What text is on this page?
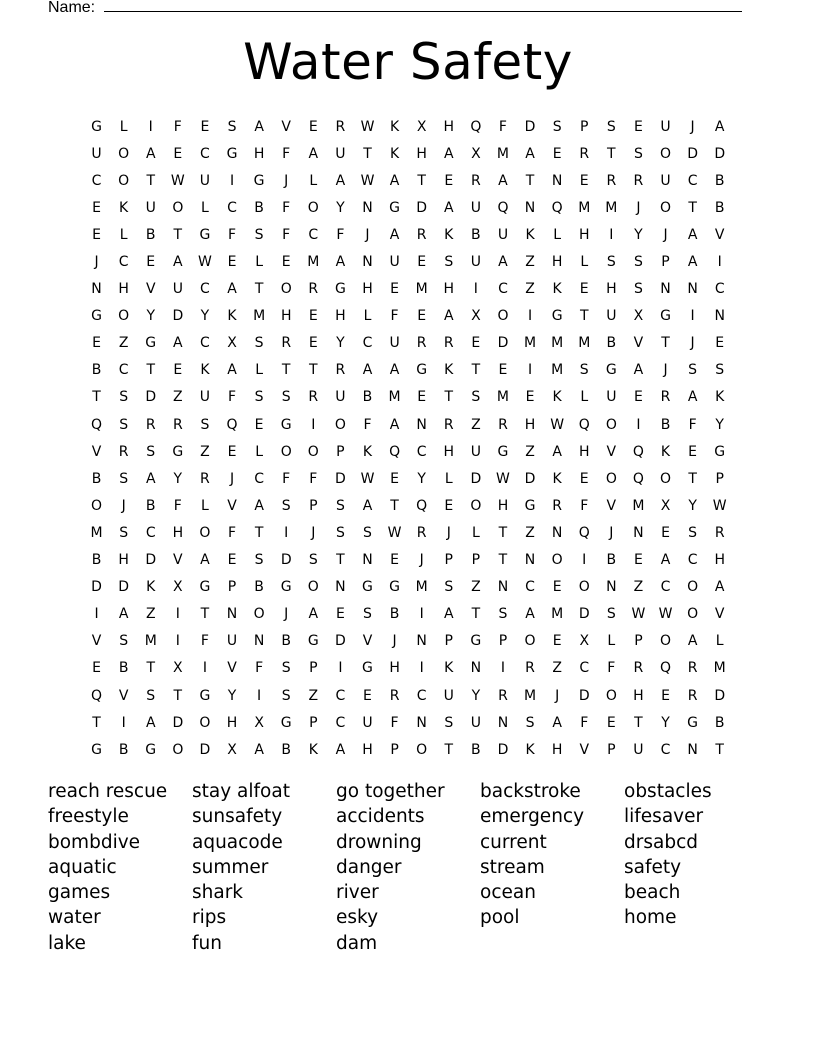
Name:
Water Safety
G	L	I	F	E	S	A	V	E	R	W	K	X	H	Q	F	D	S	P	S	E	U	J	A
U	O	A	E	C	G	H	F	A	U	T	K	H	A	X	M	A	E	R	T	S	O	D	D
C	O	T	W	U	I	G	J	L	A	W	A	T	E	R	A	T	N	E	R	R	U	C	B
E	K	U	O	L	C	B	F	O	Y	N	G	D	A	U	Q	N	Q	M	M	J	O	T	B
E	L	B	T	G	F	S	F	C	F	J	A	R	K	B	U	K	L	H	I	Y	J	A	V
J	C	E	A	W	E	L	E	M	A	N	U	E	S	U	A	Z	H	L	S	S	P	A	I
N	H	V	U	C	A	T	O	R	G	H	E	M	H	I	C	Z	K	E	H	S	N	N	C
G	O	Y	D	Y	K	M	H	E	H	L	F	E	A	X	O	I	G	T	U	X	G	I	N
E	Z	G	A	C	X	S	R	E	Y	C	U	R	R	E	D	M	M	M	B	V	T	J	E
B	C	T	E	K	A	L	T	T	R	A	A	G	K	T	E	I	M	S	G	A	J	S	S
T	S	D	Z	U	F	S	S	R	U	B	M	E	T	S	M	E	K	L	U	E	R	A	K
Q	S	R	R	S	Q	E	G	I	O	F	A	N	R	Z	R	H	W	Q	O	I	B	F	Y
V	R	S	G	Z	E	L	O	O	P	K	Q	C	H	U	G	Z	A	H	V	Q	K	E	G
B	S	A	Y	R	J	C	F	F	D	W	E	Y	L	D	W	D	K	E	O	Q	O	T	P
O	J	B	F	L	V	A	S	P	S	A	T	Q	E	O	H	G	R	F	V	M	X	Y	W
M	S	C	H	O	F	T	I	J	S	S	W	R	J	L	T	Z	N	Q	J	N	E	S	R
B	H	D	V	A	E	S	D	S	T	N	E	J	P	P	T	N	O	I	B	E	A	C	H
D	D	K	X	G	P	B	G	O	N	G	G	M	S	Z	N	C	E	O	N	Z	C	O	A
I	A	Z	I	T	N	O	J	A	E	S	B	I	A	T	S	A	M	D	S	W W	O	V
V	S	M	I	F	U	N	B	G	D	V	J	N	P	G	P	O	E	X	L	P	O	A	L
E	B	T	X	I	V	F	S	P	I	G	H	I	K	N	I	R	Z	C	F	R	Q	R	M
Q	V	S	T	G	Y	I	S	Z	C	E	R	C	U	Y	R	M	J	D	O	H	E	R	D
T	I	A	D	O	H	X	G	P	C	U	F	N	S	U	N	S	A	F	E	T	Y	G	B
G	B	G	O	D	X	A	B	K	A	H	P	O	T	B	D	K	H	V	P	U	C	N	T
reach rescue
freestyle
bombdive
aquatic
games
water
lake
stay alfoat
sunsafety
aquacode
summer
shark
rips
fun
go together
accidents
drowning
danger
river
esky
dam
backstroke
emergency
current
stream
ocean
pool
obstacles
lifesaver
drsabcd
safety
beach
home
